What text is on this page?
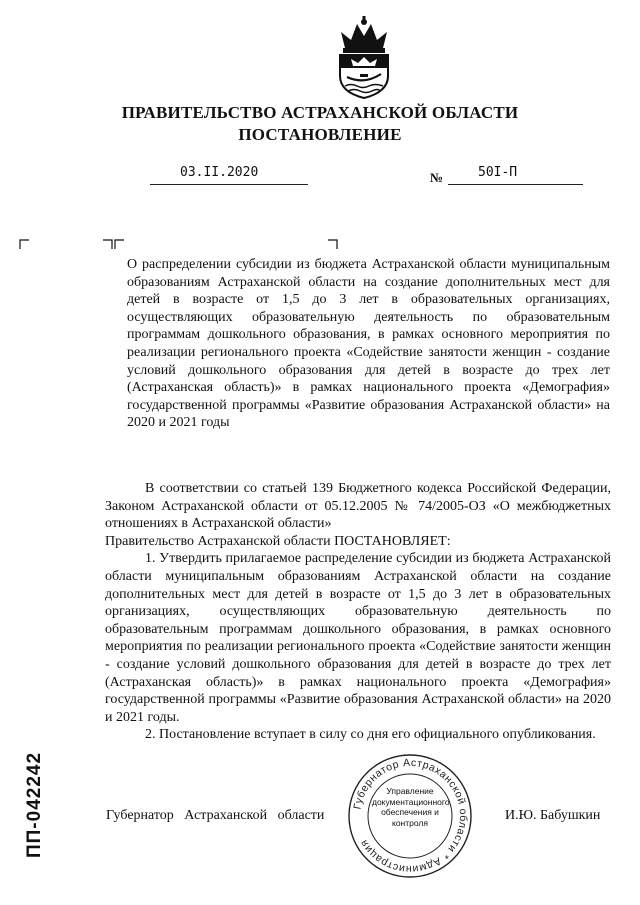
ПРАВИТЕЛЬСТВО АСТРАХАНСКОЙ ОБЛАСТИ
ПОСТАНОВЛЕНИЕ
03.II.2020	№	50I-П
О распределении субсидии из бюджета Астраханской области муниципальным образованиям Астраханской области на создание дополнительных мест для детей в возрасте от 1,5 до 3 лет в образовательных организациях, осуществляющих образовательную деятельность по образовательным программам дошкольного образования, в рамках основного мероприятия по реализации регионального проекта «Содействие занятости женщин - создание условий дошкольного образования для детей в возрасте до трех лет (Астраханская область)» в рамках национального проекта «Демография» государственной программы «Развитие образования Астраханской области» на 2020 и 2021 годы
В соответствии со статьей 139 Бюджетного кодекса Российской Федерации, Законом Астраханской области от 05.12.2005 № 74/2005-ОЗ «О межбюджетных отношениях в Астраханской области»
Правительство Астраханской области ПОСТАНОВЛЯЕТ:
1. Утвердить прилагаемое распределение субсидии из бюджета Астраханской области муниципальным образованиям Астраханской области на создание дополнительных мест для детей в возрасте от 1,5 до 3 лет в образовательных организациях, осуществляющих образовательную деятельность по образовательным программам дошкольного образования, в рамках основного мероприятия по реализации регионального проекта «Содействие занятости женщин - создание условий дошкольного образования для детей в возрасте до трех лет (Астраханская область)» в рамках национального проекта «Демография» государственной программы «Развитие образования Астраханской области» на 2020 и 2021 годы.
2. Постановление вступает в силу со дня его официального опубликования.
Губернатор Астраханской области	И.Ю. Бабушкин
Губернатор Астраханской области * Администрация
Управление документационного обеспечения и контроля
ПП-042242
